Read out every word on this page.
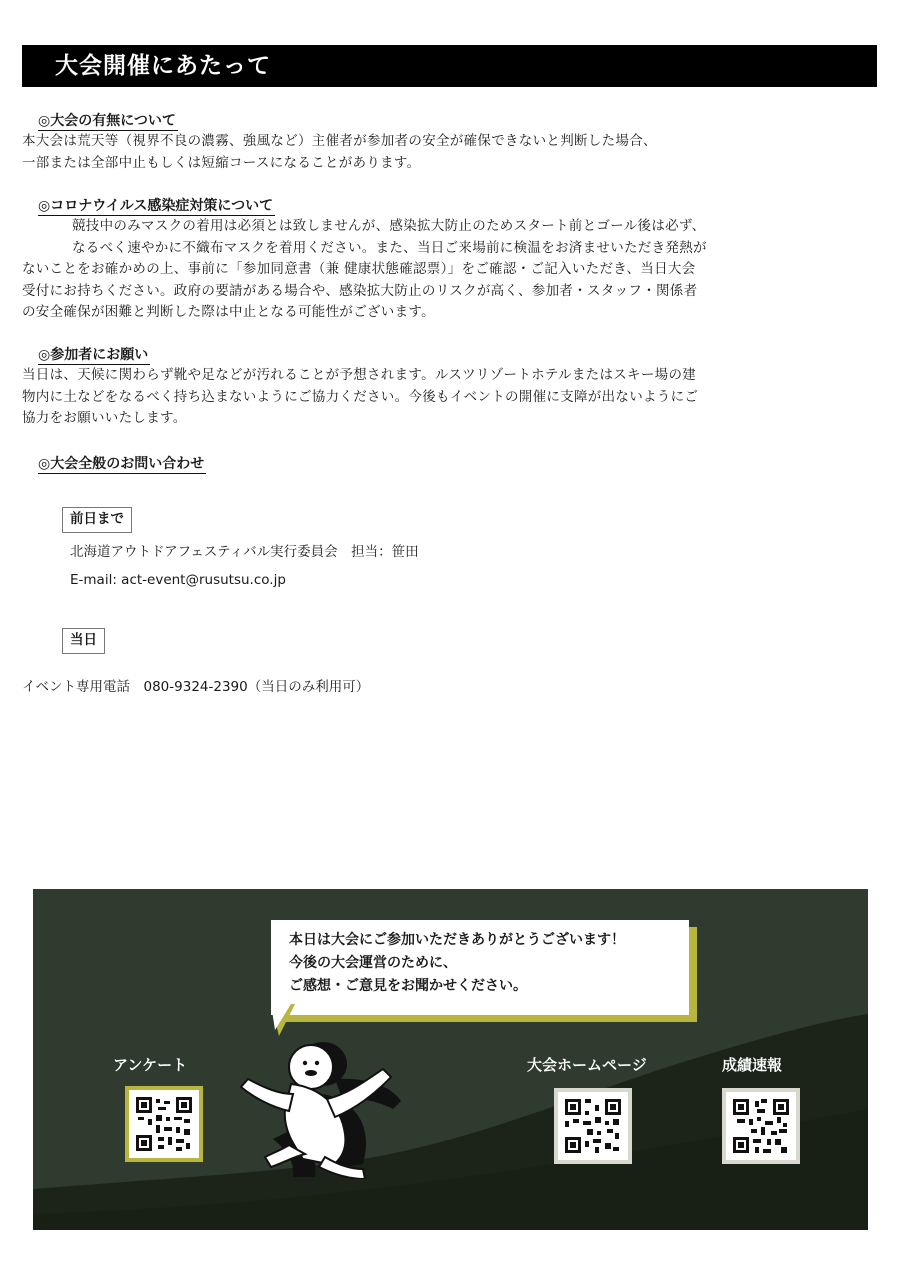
大会開催にあたって
◎大会の有無について

本大会は荒天等（視界不良の濃霧、強風など）主催者が参加者の安全が確保できないと判断した場合、
一部または全部中止もしくは短縮コースになることがあります。

◎コロナウイルス感染症対策について

競技中のみマスクの着用は必須とは致しませんが、感染拡大防止のためスタート前とゴール後は必ず、
なるべく速やかに不織布マスクを着用ください。また、当日ご来場前に検温をお済ませいただき発熱が

ないことをお確かめの上、事前に「参加同意書（兼 健康状態確認票）」をご確認・ご記入いただき、当日大会
受付にお持ちください。政府の要請がある場合や、感染拡大防止のリスクが高く、参加者・スタッフ・関係者
の安全確保が困難と判断した際は中止となる可能性がございます。

◎参加者にお願い

当日は、天候に関わらず靴や足などが汚れることが予想されます。ルスツリゾートホテルまたはスキー場の建
物内に土などをなるべく持ち込まないようにご協力ください。今後もイベントの開催に支障が出ないようにご
協力をお願いいたします。

◎大会全般のお問い合わせ
前日まで
北海道アウトドアフェスティバル実行委員会　担当：笹田
E-mail: act-event@rusutsu.co.jp
当日
イベント専用電話　080-9324-2390（当日のみ利用可）
本日は大会にご参加いただきありがとうございます！
今後の大会運営のために、
ご感想・ご意見をお聞かせください。
アンケート	大会ホームページ	成績速報
